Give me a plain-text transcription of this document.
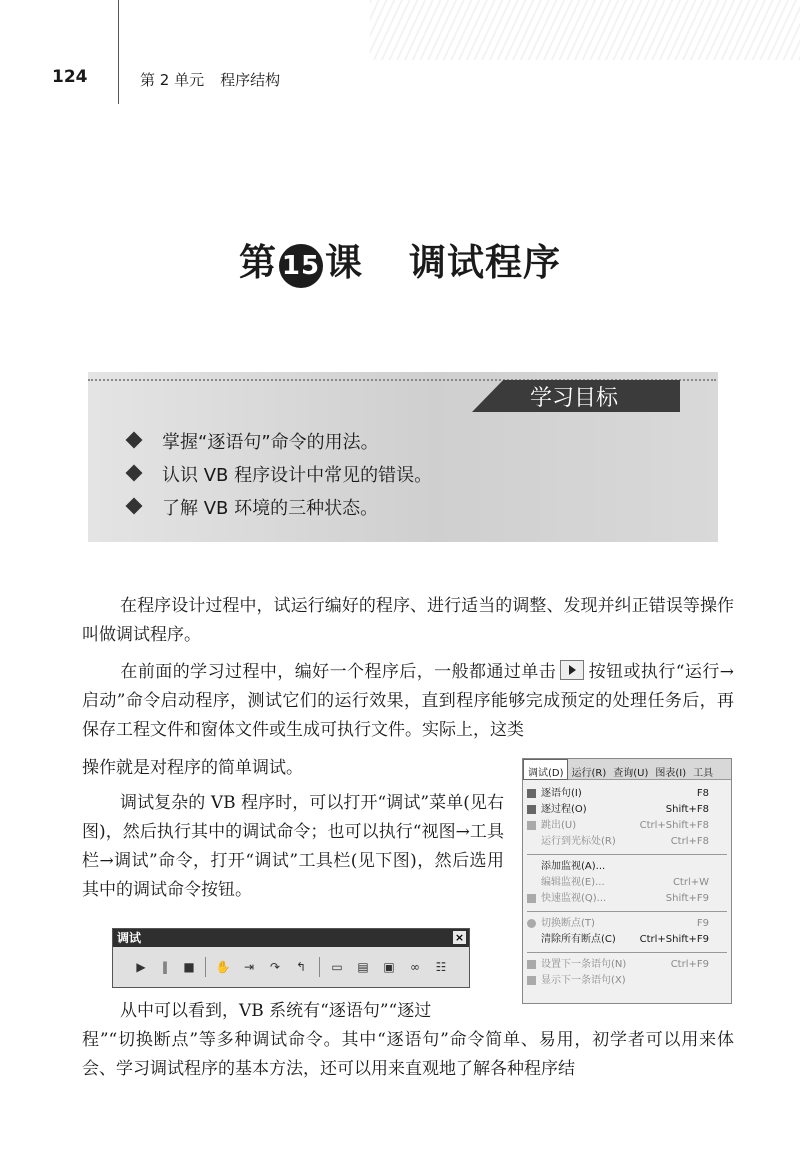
124	第 2 单元 程序结构
第 15 课 调试程序
学习目标
掌握“逐语句”命令的用法。
认识 VB 程序设计中常见的错误。
了解 VB 环境的三种状态。
在程序设计过程中，试运行编好的程序、进行适当的调整、发现并纠正错误等操作叫做调试程序。
在前面的学习过程中，编好一个程序后，一般都通过单击 按钮或执行“运行→启动”命令启动程序，测试它们的运行效果，直到程序能够完成预定的处理任务后，再保存工程文件和窗体文件或生成可执行文件。实际上，这类
操作就是对程序的简单调试。
调试复杂的 VB 程序时，可以打开“调试”菜单(见右图)，然后执行其中的调试命令；也可以执行“视图→工具栏→调试”命令，打开“调试”工具栏(见下图)，然后选用其中的调试命令按钮。
调试(D) 运行(R) 查询(U) 图表(I) 工具
逐语句(I)	F8
逐过程(O)	Shift+F8
跳出(U)	Ctrl+Shift+F8
运行到光标处(R)	Ctrl+F8
添加监视(A)...
编辑监视(E)...	Ctrl+W
快速监视(Q)...	Shift+F9
切换断点(T)	F9
清除所有断点(C) Ctrl+Shift+F9
设置下一条语句(N)	Ctrl+F9
显示下一条语句(X)
调试	×
▶	‖	■	✋	⇥	↷	↰	▭	▤	▣	∞	☷
从中可以看到，VB 系统有“逐语句”“逐过
程”“切换断点”等多种调试命令。其中“逐语句”命令简单、易用，初学者可以用来体会、学习调试程序的基本方法，还可以用来直观地了解各种程序结
